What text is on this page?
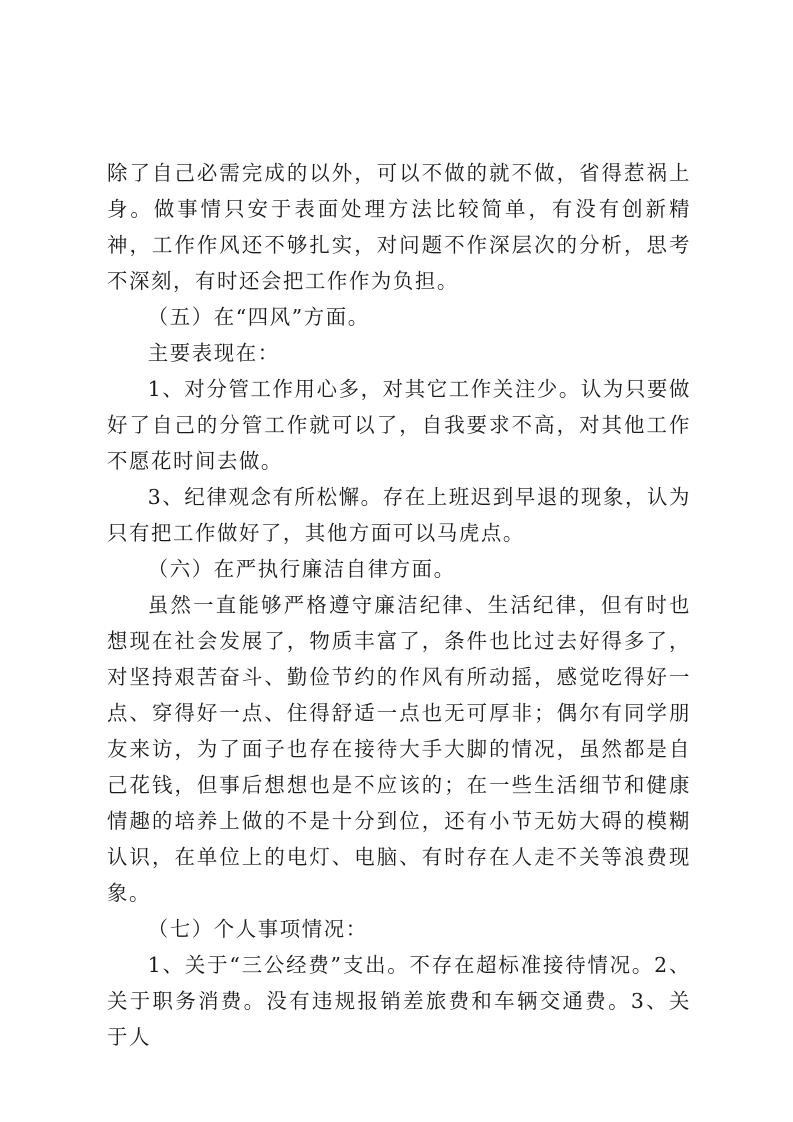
除了自己必需完成的以外，可以不做的就不做，省得惹祸上身。做事情只安于表面处理方法比较简单，有没有创新精神，工作作风还不够扎实，对问题不作深层次的分析，思考不深刻，有时还会把工作作为负担。

（五）在“四风”方面。

主要表现在：

1、对分管工作用心多，对其它工作关注少。认为只要做好了自己的分管工作就可以了，自我要求不高，对其他工作不愿花时间去做。

3、纪律观念有所松懈。存在上班迟到早退的现象，认为只有把工作做好了，其他方面可以马虎点。

（六）在严执行廉洁自律方面。

虽然一直能够严格遵守廉洁纪律、生活纪律，但有时也想现在社会发展了，物质丰富了，条件也比过去好得多了，对坚持艰苦奋斗、勤俭节约的作风有所动摇，感觉吃得好一点、穿得好一点、住得舒适一点也无可厚非；偶尔有同学朋友来访，为了面子也存在接待大手大脚的情况，虽然都是自己花钱，但事后想想也是不应该的；在一些生活细节和健康情趣的培养上做的不是十分到位，还有小节无妨大碍的模糊认识，在单位上的电灯、电脑、有时存在人走不关等浪费现象。

（七）个人事项情况：

1、关于“三公经费”支出。不存在超标准接待情况。2、关于职务消费。没有违规报销差旅费和车辆交通费。3、关于人
